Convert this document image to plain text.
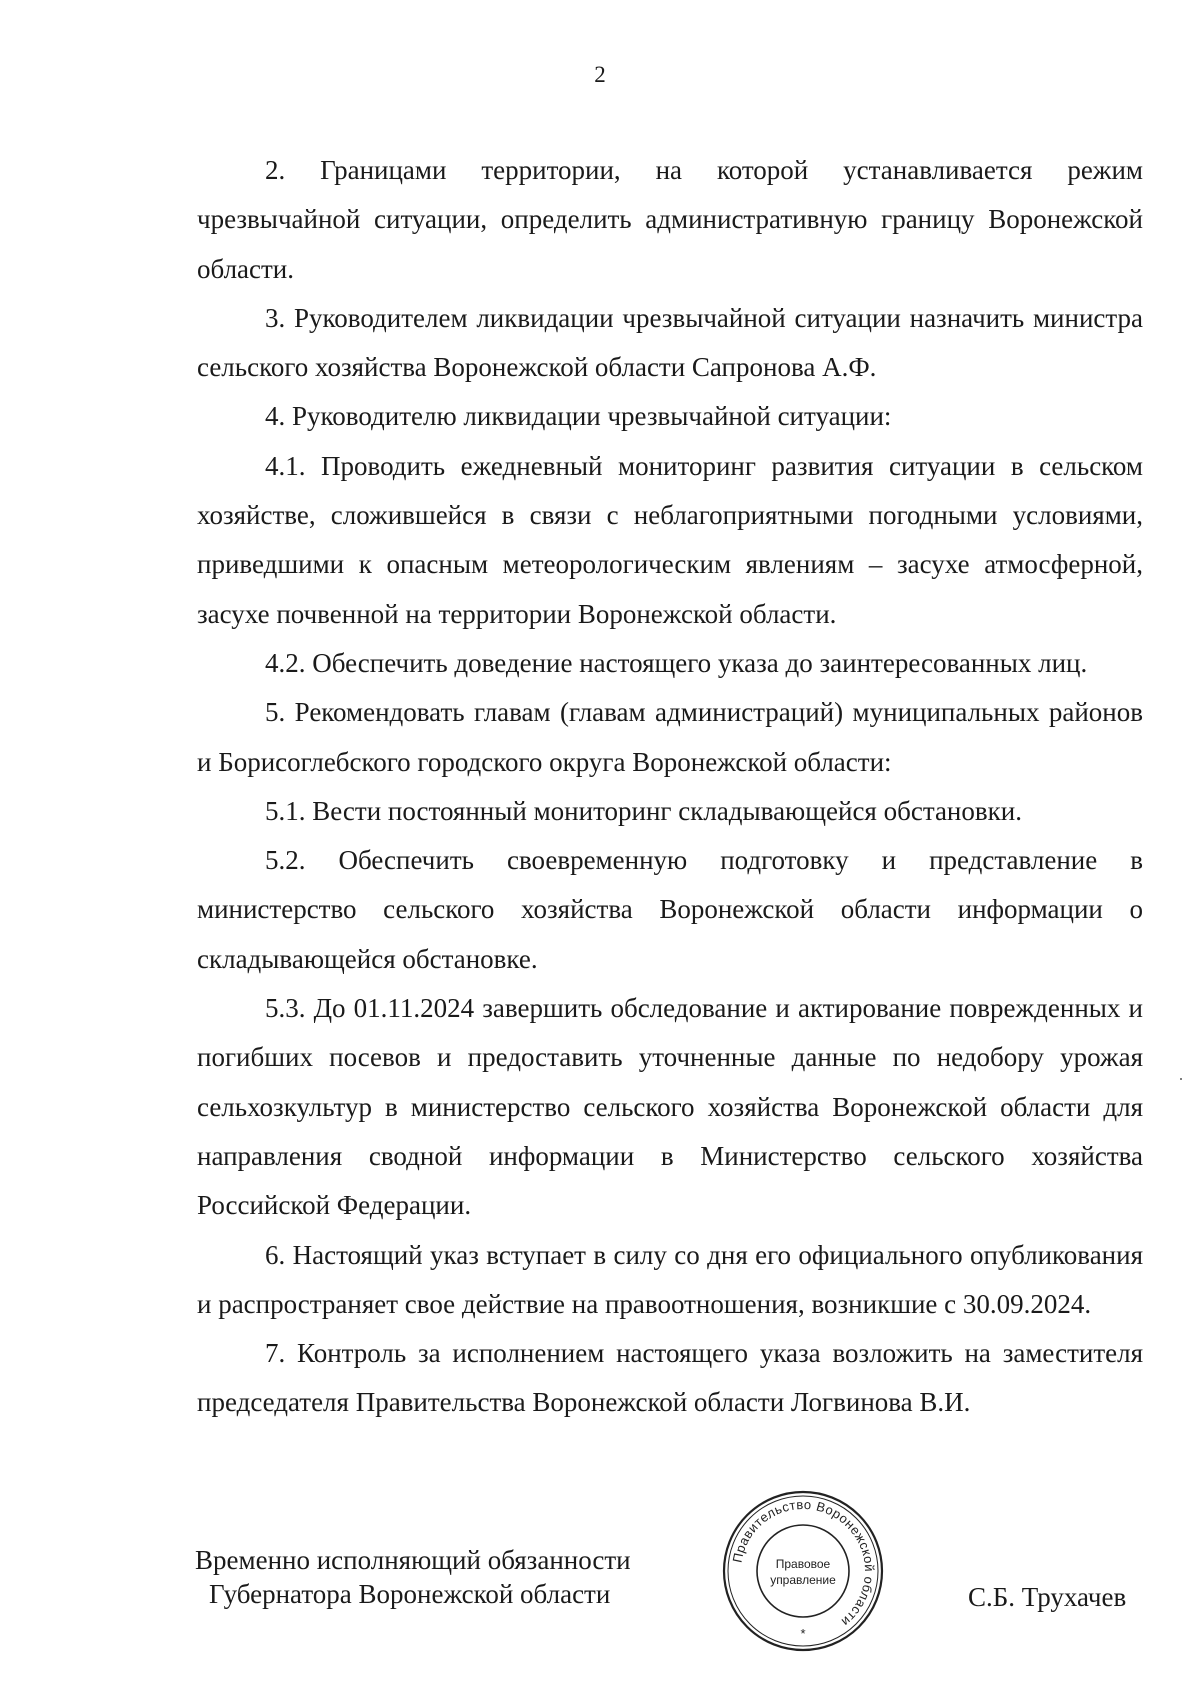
2

2. Границами территории, на которой устанавливается режим чрезвычайной ситуации, определить административную границу Воронежской области.

3. Руководителем ликвидации чрезвычайной ситуации назначить министра сельского хозяйства Воронежской области Сапронова А.Ф.

4. Руководителю ликвидации чрезвычайной ситуации:

4.1. Проводить ежедневный мониторинг развития ситуации в сельском хозяйстве, сложившейся в связи с неблагоприятными погодными условиями, приведшими к опасным метеорологическим явлениям – засухе атмосферной, засухе почвенной на территории Воронежской области.

4.2. Обеспечить доведение настоящего указа до заинтересованных лиц.

5. Рекомендовать главам (главам администраций) муниципальных районов и Борисоглебского городского округа Воронежской области:

5.1. Вести постоянный мониторинг складывающейся обстановки.

5.2. Обеспечить своевременную подготовку и представление в министерство сельского хозяйства Воронежской области информации о складывающейся обстановке.

5.3. До 01.11.2024 завершить обследование и актирование поврежденных и погибших посевов и предоставить уточненные данные по недобору урожая сельхозкультур в министерство сельского хозяйства Воронежской области для направления сводной информации в Министерство сельского хозяйства Российской Федерации.

6. Настоящий указ вступает в силу со дня его официального опубликования и распространяет свое действие на правоотношения, возникшие с 30.09.2024.

7. Контроль за исполнением настоящего указа возложить на заместителя председателя Правительства Воронежской области Логвинова В.И.

Временно исполняющий обязанности
Губернатора Воронежской области
Правительство Воронежской области
Правовое
управление
*
С.Б. Трухачев
